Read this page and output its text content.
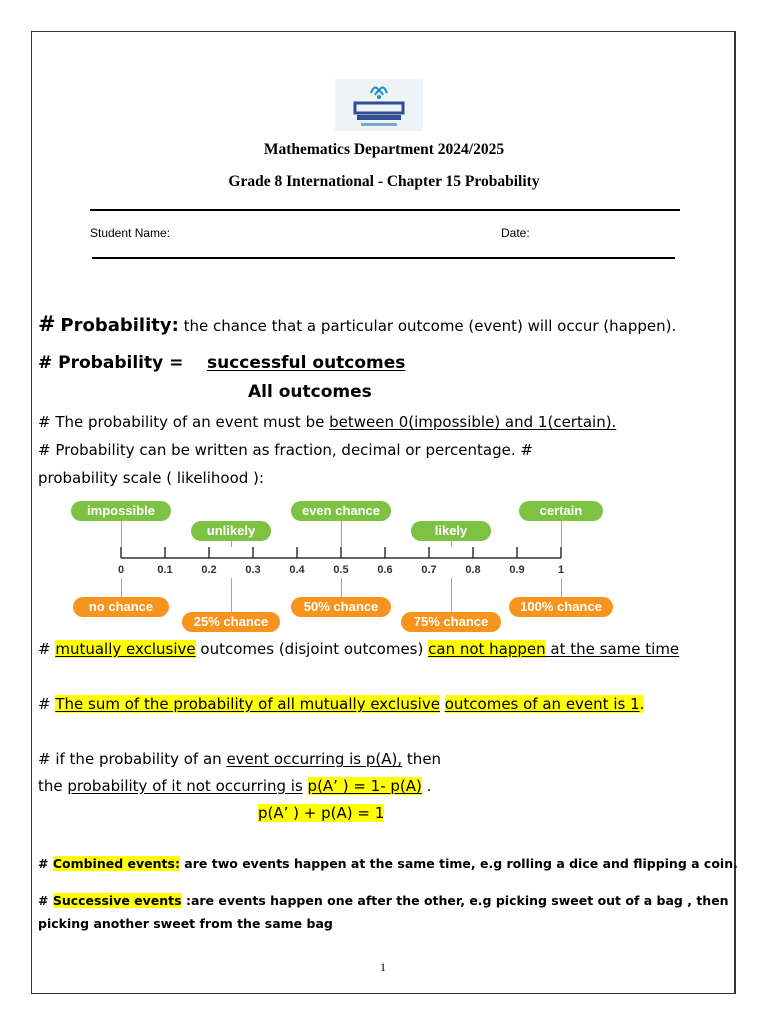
Mathematics Department 2024/2025
Grade 8 International - Chapter 15 Probability
Student Name:	Date:
# Probability: the chance that a particular outcome (event) will occur (happen).
# Probability = successful outcomes
All outcomes
# The probability of an event must be between 0(impossible) and 1(certain).
# Probability can be written as fraction, decimal or percentage. #
probability scale ( likelihood ):
0	0.1	0.2	0.3	0.4	0.5	0.6	0.7	0.8	0.9	1
impossible
unlikely
even chance
likely
certain
no chance
25% chance
50% chance
75% chance
100% chance
# mutually exclusive outcomes (disjoint outcomes) can not happen at the same time
# The sum of the probability of all mutually exclusive outcomes of an event is 1.
# if the probability of an event occurring is p(A), then
the probability of it not occurring is p(A’ ) = 1- p(A) .
p(A’ ) + p(A) = 1
# Combined events: are two events happen at the same time, e.g rolling a dice and flipping a coin.
# Successive events :are events happen one after the other, e.g picking sweet out of a bag , then
picking another sweet from the same bag
1
